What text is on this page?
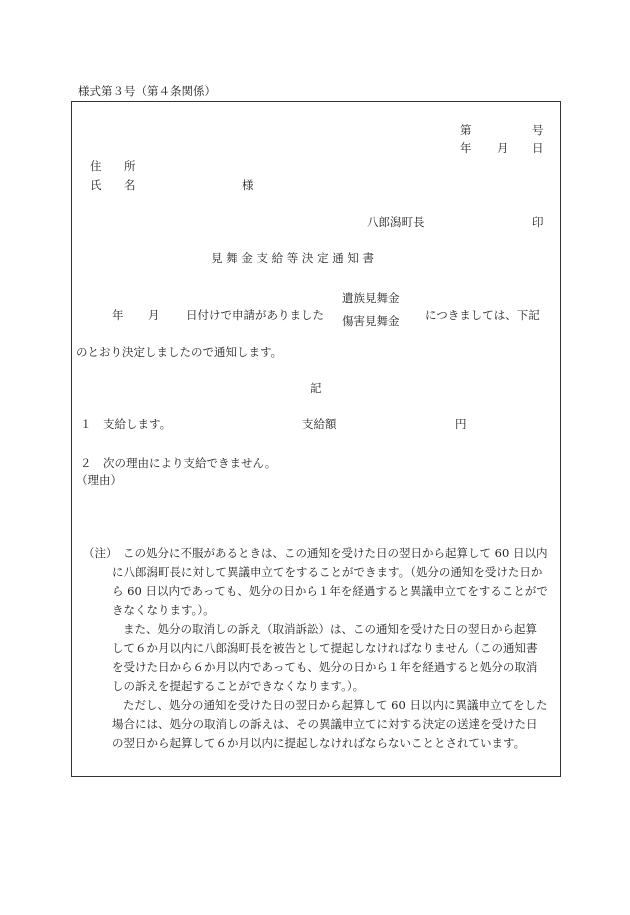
様式第３号（第４条関係）
第	号
年 月 日
住 所
氏 名	様
八郎潟町長	印
見 舞 金 支 給 等 決 定 通 知 書
年 月 日付けで申請がありました
遺族見舞金
傷害見舞金 につきましては、下記
のとおり決定しましたので通知します。
記
１　支給します。	支給額	円
２　次の理由により支給できません。
（理由）
（注） この処分に不服があるときは、この通知を受けた日の翌日から起算して 60 日以内
に八郎潟町長に対して異議申立てをすることができます。（処分の通知を受けた日か
ら 60 日以内であっても、処分の日から１年を経過すると異議申立てをすることがで
きなくなります。）。
また、処分の取消しの訴え（取消訴訟）は、この通知を受けた日の翌日から起算
して６か月以内に八郎潟町長を被告として提起しなければなりません（この通知書
を受けた日から６か月以内であっても、処分の日から１年を経過すると処分の取消
しの訴えを提起することができなくなります。）。
ただし、処分の通知を受けた日の翌日から起算して 60 日以内に異議申立てをした
場合には、処分の取消しの訴えは、その異議申立てに対する決定の送達を受けた日
の翌日から起算して６か月以内に提起しなければならないこととされています。
